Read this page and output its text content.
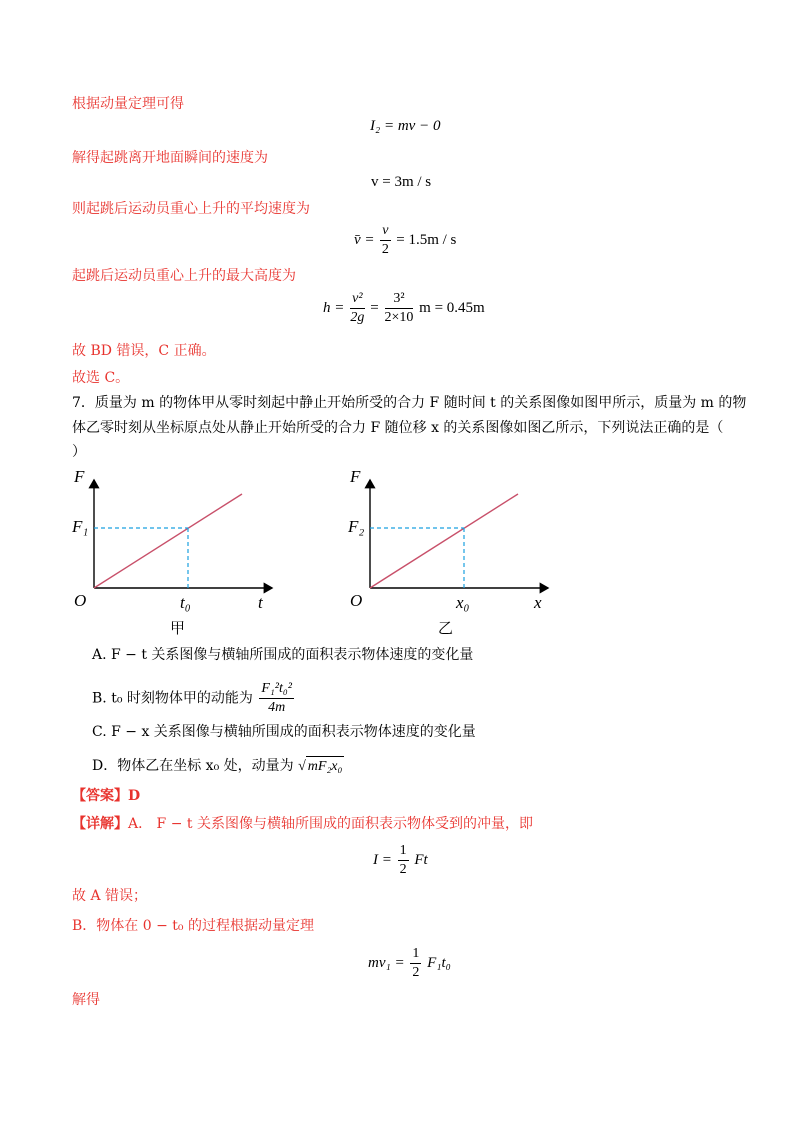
根据动量定理可得
I₂ = mv − 0
解得起跳离开地面瞬间的速度为
v = 3m / s
则起跳后运动员重心上升的平均速度为
v̄ = $\frac{v}{2} = 1.5m / s$
起跳后运动员重心上升的最大高度为
$h = \frac{\text{v²}}{2g} = \frac{\text{3²}}{2\times 10}$ m = 0.45m
故 BD 错误，C 正确。
故选 C。
7．质量为 m 的物体甲从零时刻起中静止开始所受的合力 F 随时间 t 的关系图像如图甲所示，质量为 m 的物
体乙零时刻从坐标原点处从静止开始所受的合力 F 随位移 x 的关系图像如图乙所示，下列说法正确的是（
）
F
F₁
O	t₀	t
甲
F
F₂
O	x₀	x
乙
A. F − t 关系图像与横轴所围成的面积表示物体速度的变化量
B. t₀ 时刻物体甲的动能为 $\frac{\text{F₁²t₀²}}{4m}$
C. F − x 关系图像与横轴所围成的面积表示物体速度的变化量
D．物体乙在坐标 x₀ 处，动量为 √ mF₂x₀
【答案】D
【详解】A． F − t 关系图像与横轴所围成的面积表示物体受到的冲量，即
$I = \frac{1}{2}$ Ft
故 A 错误；
B．物体在 0 − t₀ 的过程根据动量定理
$mv_1 = \frac{1}{2} F_1t_0$
解得
